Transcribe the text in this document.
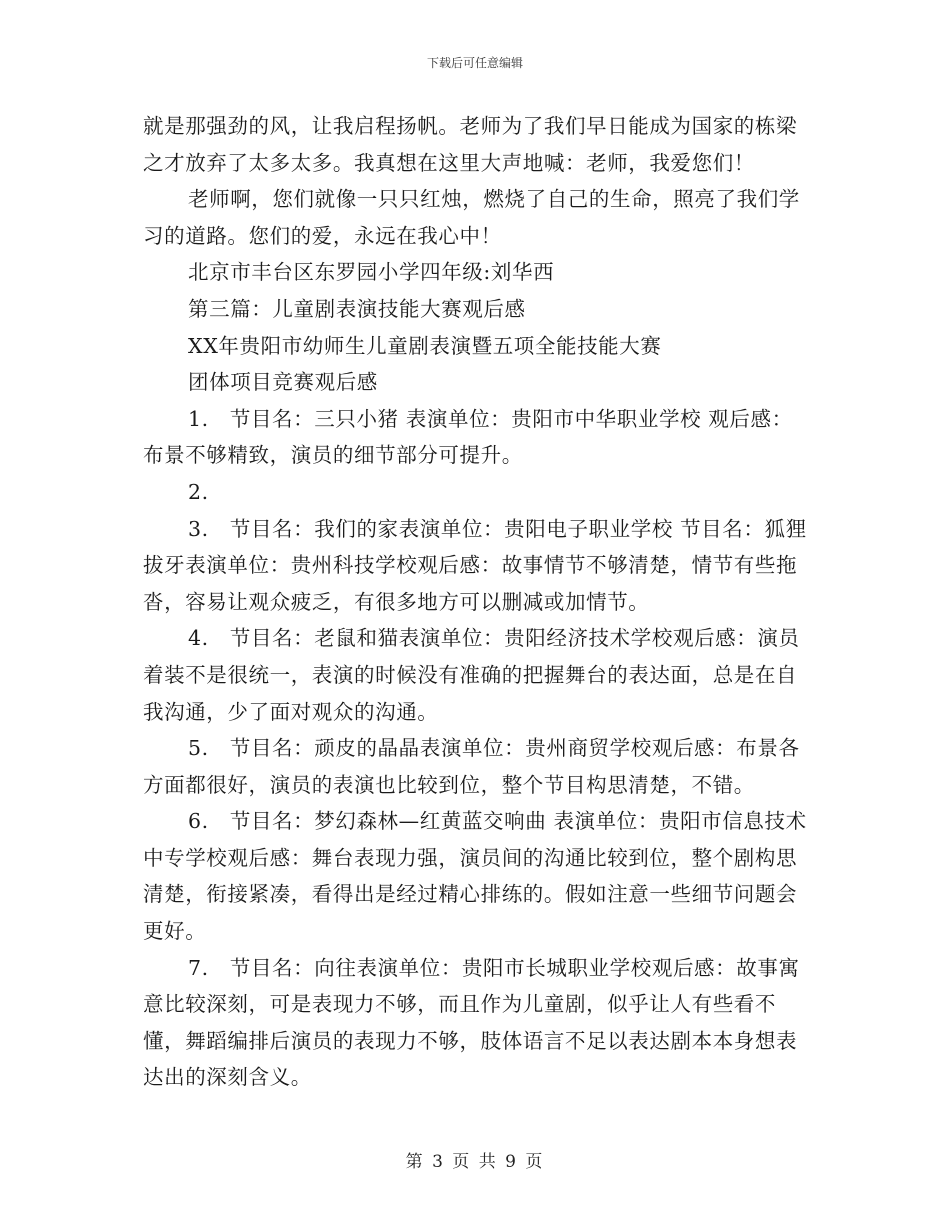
下载后可任意编辑

就是那强劲的风，让我启程扬帆。老师为了我们早日能成为国家的栋梁之才放弃了太多太多。我真想在这里大声地喊：老师，我爱您们！

老师啊，您们就像一只只红烛，燃烧了自己的生命，照亮了我们学习的道路。您们的爱，永远在我心中！

北京市丰台区东罗园小学四年级:刘华西

第三篇：儿童剧表演技能大赛观后感

XX年贵阳市幼师生儿童剧表演暨五项全能技能大赛

团体项目竞赛观后感

1.　节目名：三只小猪 表演单位：贵阳市中华职业学校 观后感：布景不够精致，演员的细节部分可提升。

2.

3.　节目名：我们的家表演单位：贵阳电子职业学校 节目名：狐狸拔牙表演单位：贵州科技学校观后感：故事情节不够清楚，情节有些拖沓，容易让观众疲乏，有很多地方可以删减或加情节。

4.　节目名：老鼠和猫表演单位：贵阳经济技术学校观后感：演员着装不是很统一，表演的时候没有准确的把握舞台的表达面，总是在自我沟通，少了面对观众的沟通。

5.　节目名：顽皮的晶晶表演单位：贵州商贸学校观后感：布景各方面都很好，演员的表演也比较到位，整个节目构思清楚，不错。

6.　节目名：梦幻森林—红黄蓝交响曲 表演单位：贵阳市信息技术中专学校观后感：舞台表现力强，演员间的沟通比较到位，整个剧构思清楚，衔接紧凑，看得出是经过精心排练的。假如注意一些细节问题会更好。

7.　节目名：向往表演单位：贵阳市长城职业学校观后感：故事寓意比较深刻，可是表现力不够，而且作为儿童剧，似乎让人有些看不懂，舞蹈编排后演员的表现力不够，肢体语言不足以表达剧本本身想表达出的深刻含义。

第 3 页 共 9 页
